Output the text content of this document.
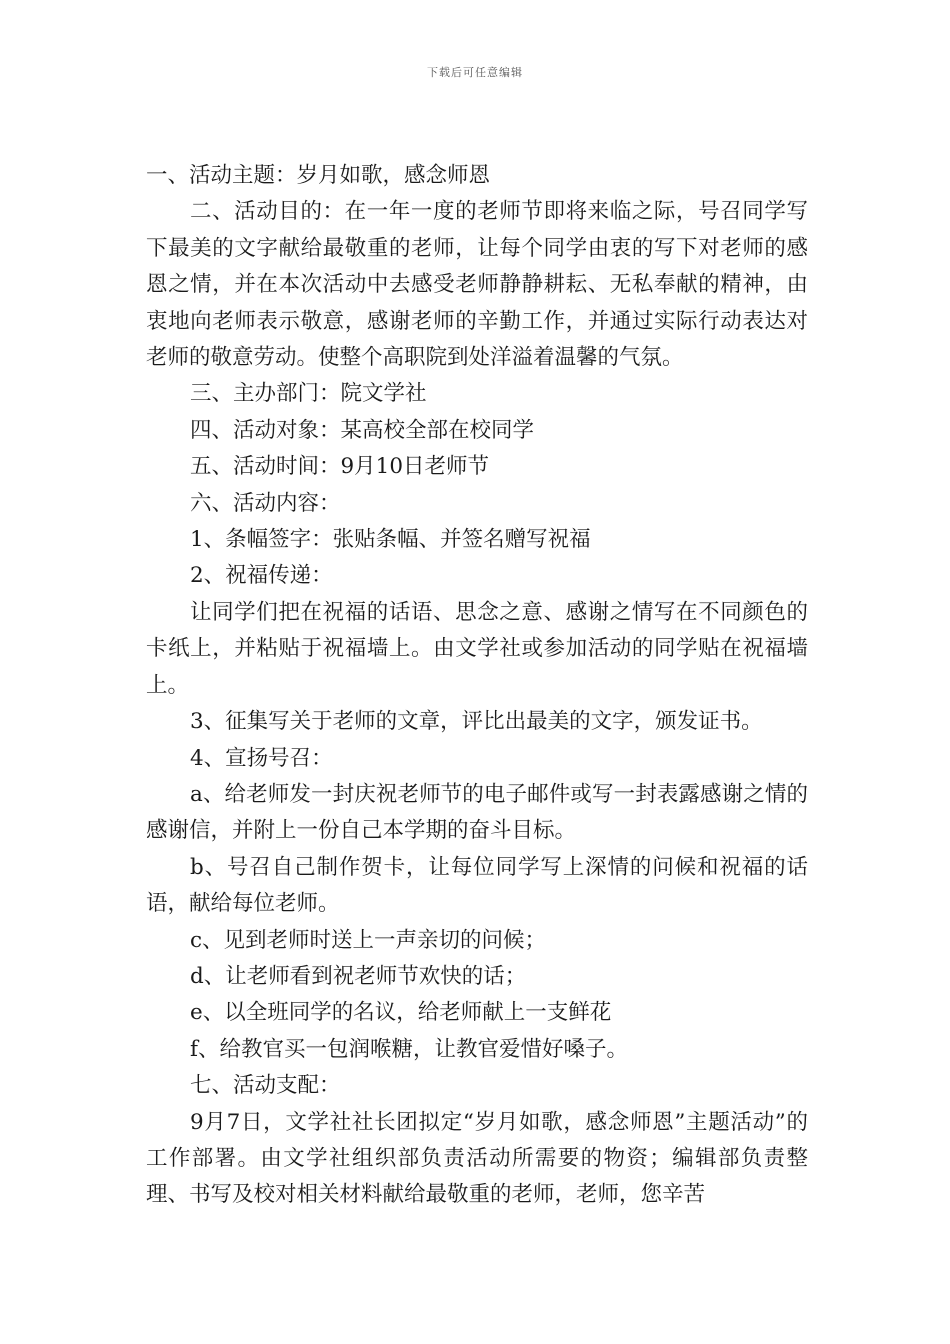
下载后可任意编辑

一、活动主题：岁月如歌，感念师恩

二、活动目的：在一年一度的老师节即将来临之际，号召同学写下最美的文字献给最敬重的老师，让每个同学由衷的写下对老师的感恩之情，并在本次活动中去感受老师静静耕耘、无私奉献的精神，由衷地向老师表示敬意，感谢老师的辛勤工作，并通过实际行动表达对老师的敬意劳动。使整个高职院到处洋溢着温馨的气氛。

三、主办部门：院文学社

四、活动对象：某高校全部在校同学

五、活动时间：9月10日老师节

六、活动内容：

1、条幅签字：张贴条幅、并签名赠写祝福

2、祝福传递：

让同学们把在祝福的话语、思念之意、感谢之情写在不同颜色的卡纸上，并粘贴于祝福墙上。由文学社或参加活动的同学贴在祝福墙上。

3、征集写关于老师的文章，评比出最美的文字，颁发证书。

4、宣扬号召：

a、给老师发一封庆祝老师节的电子邮件或写一封表露感谢之情的感谢信，并附上一份自己本学期的奋斗目标。

b、号召自己制作贺卡，让每位同学写上深情的问候和祝福的话语，献给每位老师。

c、见到老师时送上一声亲切的问候；

d、让老师看到祝老师节欢快的话；

e、以全班同学的名议，给老师献上一支鲜花

f、给教官买一包润喉糖，让教官爱惜好嗓子。

七、活动支配：

9月7日，文学社社长团拟定“岁月如歌，感念师恩”主题活动”的工作部署。由文学社组织部负责活动所需要的物资；编辑部负责整理、书写及校对相关材料献给最敬重的老师，老师，您辛苦
